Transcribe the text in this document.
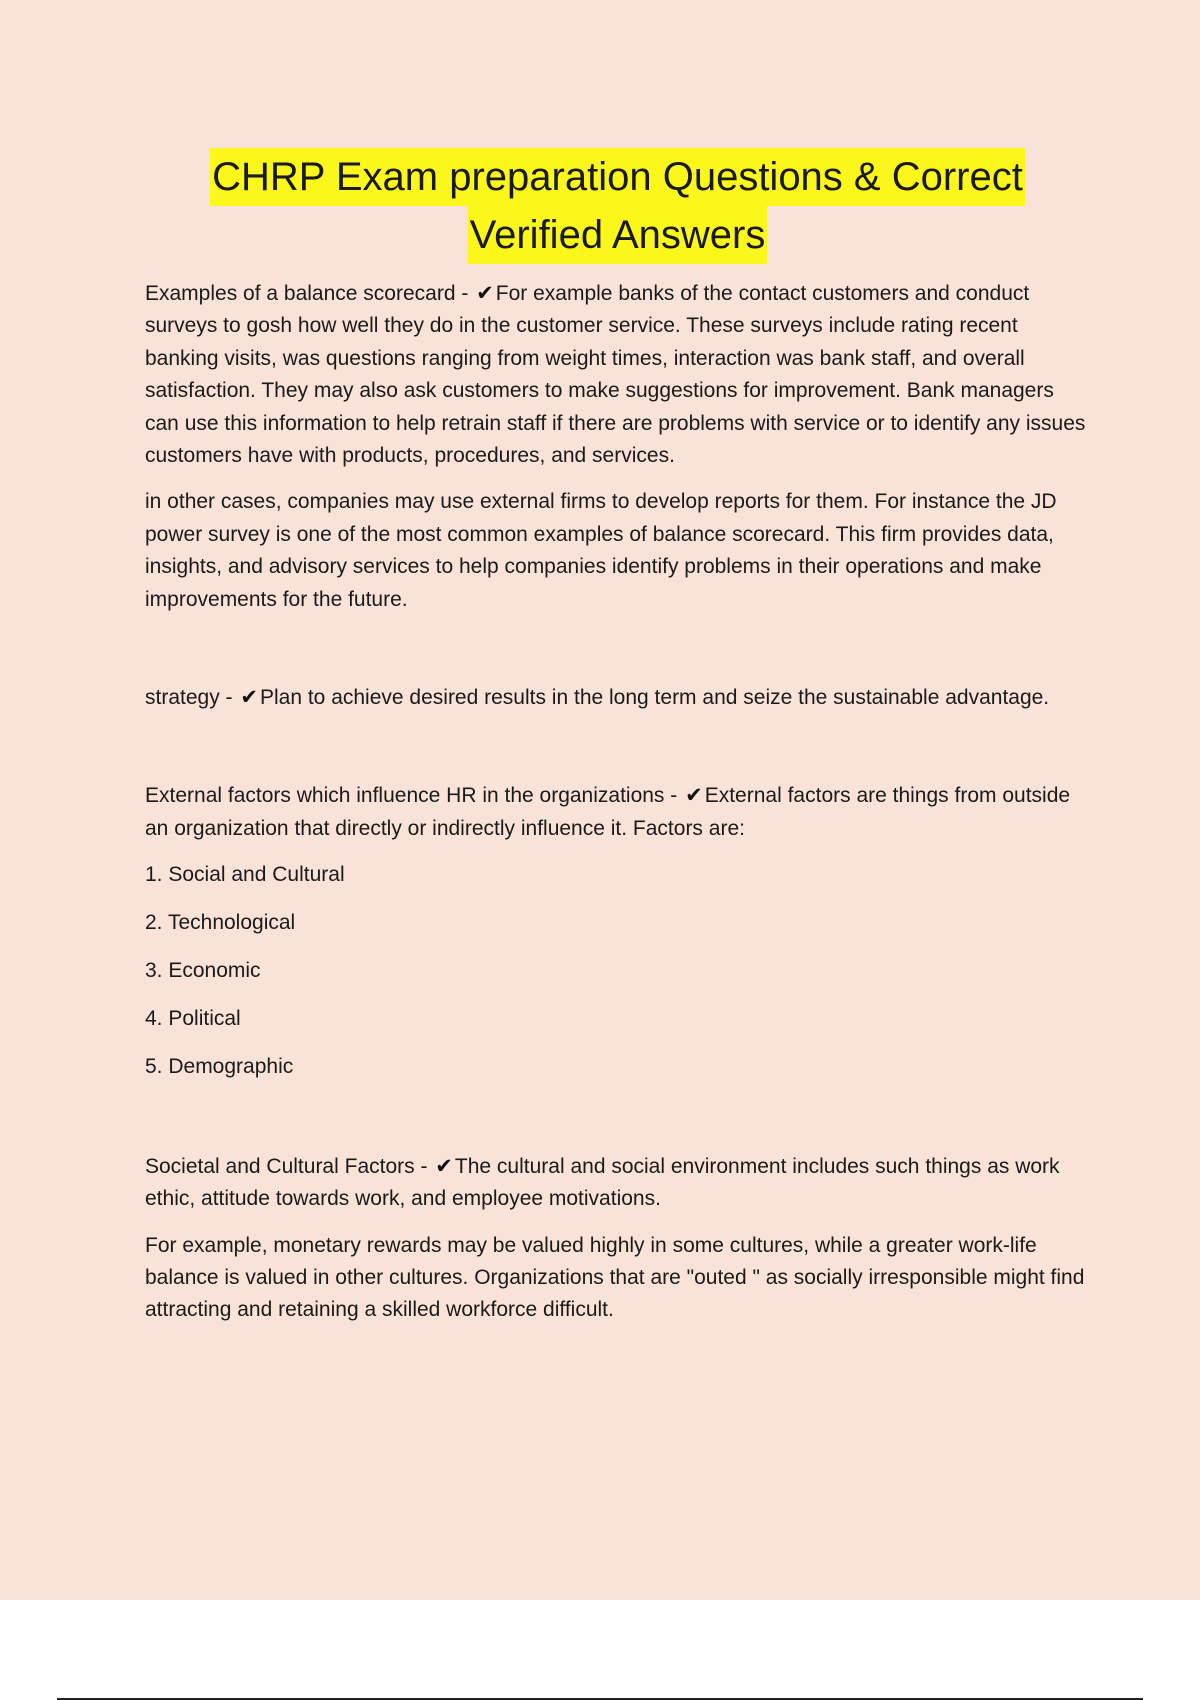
CHRP Exam preparation Questions & Correct
Verified Answers

Examples of a balance scorecard - ✔For example banks of the contact customers and conduct surveys to gosh how well they do in the customer service. These surveys include rating recent banking visits, was questions ranging from weight times, interaction was bank staff, and overall satisfaction. They may also ask customers to make suggestions for improvement. Bank managers can use this information to help retrain staff if there are problems with service or to identify any issues customers have with products, procedures, and services.

in other cases, companies may use external firms to develop reports for them. For instance the JD power survey is one of the most common examples of balance scorecard. This firm provides data, insights, and advisory services to help companies identify problems in their operations and make improvements for the future.

strategy - ✔Plan to achieve desired results in the long term and seize the sustainable advantage.

External factors which influence HR in the organizations - ✔External factors are things from outside an organization that directly or indirectly influence it. Factors are:

1. Social and Cultural
2. Technological
3. Economic
4. Political
5. Demographic

Societal and Cultural Factors - ✔The cultural and social environment includes such things as work ethic, attitude towards work, and employee motivations.

For example, monetary rewards may be valued highly in some cultures, while a greater work-life balance is valued in other cultures. Organizations that are "outed " as socially irresponsible might find attracting and retaining a skilled workforce difficult.
